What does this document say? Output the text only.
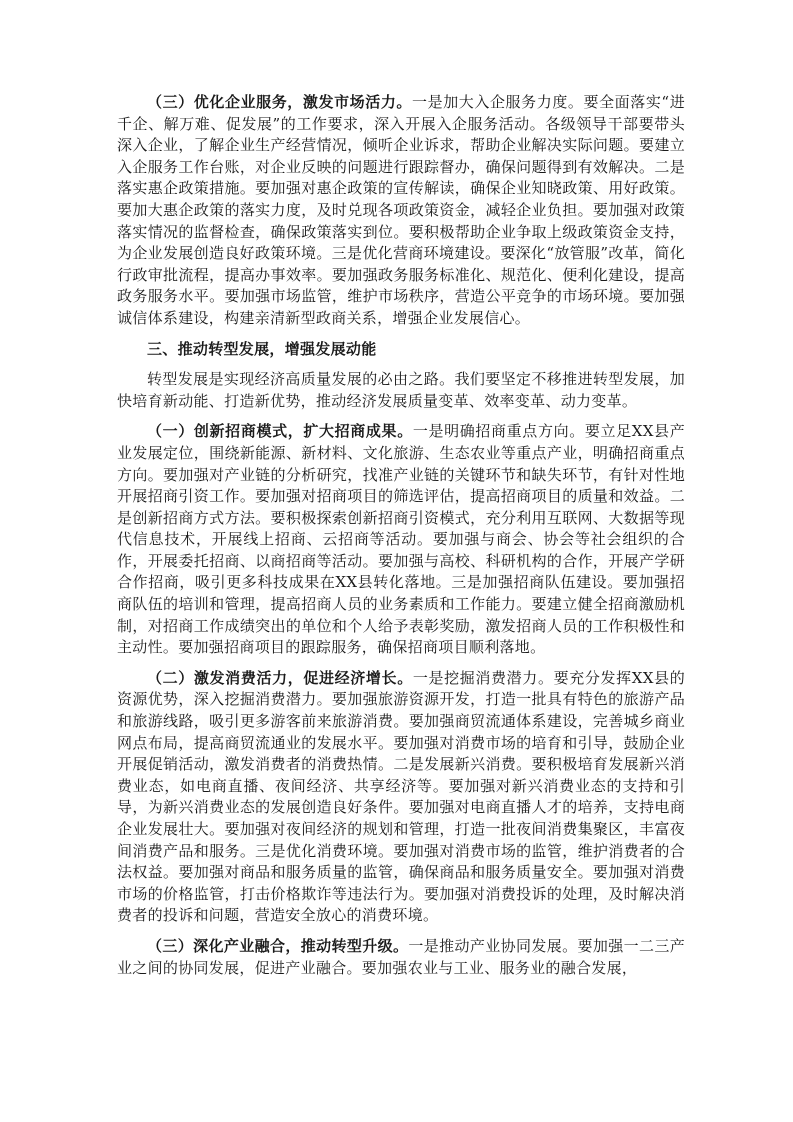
（三）优化企业服务，激发市场活力。一是加大入企服务力度。要全面落实“进千企、解万难、促发展”的工作要求，深入开展入企服务活动。各级领导干部要带头深入企业，了解企业生产经营情况，倾听企业诉求，帮助企业解决实际问题。要建立入企服务工作台账，对企业反映的问题进行跟踪督办，确保问题得到有效解决。二是落实惠企政策措施。要加强对惠企政策的宣传解读，确保企业知晓政策、用好政策。要加大惠企政策的落实力度，及时兑现各项政策资金，减轻企业负担。要加强对政策落实情况的监督检查，确保政策落实到位。要积极帮助企业争取上级政策资金支持，为企业发展创造良好政策环境。三是优化营商环境建设。要深化“放管服”改革，简化行政审批流程，提高办事效率。要加强政务服务标准化、规范化、便利化建设，提高政务服务水平。要加强市场监管，维护市场秩序，营造公平竞争的市场环境。要加强诚信体系建设，构建亲清新型政商关系，增强企业发展信心。

三、推动转型发展，增强发展动能

转型发展是实现经济高质量发展的必由之路。我们要坚定不移推进转型发展，加快培育新动能、打造新优势，推动经济发展质量变革、效率变革、动力变革。

（一）创新招商模式，扩大招商成果。一是明确招商重点方向。要立足XX县产业发展定位，围绕新能源、新材料、文化旅游、生态农业等重点产业，明确招商重点方向。要加强对产业链的分析研究，找准产业链的关键环节和缺失环节，有针对性地开展招商引资工作。要加强对招商项目的筛选评估，提高招商项目的质量和效益。二是创新招商方式方法。要积极探索创新招商引资模式，充分利用互联网、大数据等现代信息技术，开展线上招商、云招商等活动。要加强与商会、协会等社会组织的合作，开展委托招商、以商招商等活动。要加强与高校、科研机构的合作，开展产学研合作招商，吸引更多科技成果在XX县转化落地。三是加强招商队伍建设。要加强招商队伍的培训和管理，提高招商人员的业务素质和工作能力。要建立健全招商激励机制，对招商工作成绩突出的单位和个人给予表彰奖励，激发招商人员的工作积极性和主动性。要加强招商项目的跟踪服务，确保招商项目顺利落地。

（二）激发消费活力，促进经济增长。一是挖掘消费潜力。要充分发挥XX县的资源优势，深入挖掘消费潜力。要加强旅游资源开发，打造一批具有特色的旅游产品和旅游线路，吸引更多游客前来旅游消费。要加强商贸流通体系建设，完善城乡商业网点布局，提高商贸流通业的发展水平。要加强对消费市场的培育和引导，鼓励企业开展促销活动，激发消费者的消费热情。二是发展新兴消费。要积极培育发展新兴消费业态，如电商直播、夜间经济、共享经济等。要加强对新兴消费业态的支持和引导，为新兴消费业态的发展创造良好条件。要加强对电商直播人才的培养，支持电商企业发展壮大。要加强对夜间经济的规划和管理，打造一批夜间消费集聚区，丰富夜间消费产品和服务。三是优化消费环境。要加强对消费市场的监管，维护消费者的合法权益。要加强对商品和服务质量的监管，确保商品和服务质量安全。要加强对消费市场的价格监管，打击价格欺诈等违法行为。要加强对消费投诉的处理，及时解决消费者的投诉和问题，营造安全放心的消费环境。

（三）深化产业融合，推动转型升级。一是推动产业协同发展。要加强一二三产业之间的协同发展，促进产业融合。要加强农业与工业、服务业的融合发展，
